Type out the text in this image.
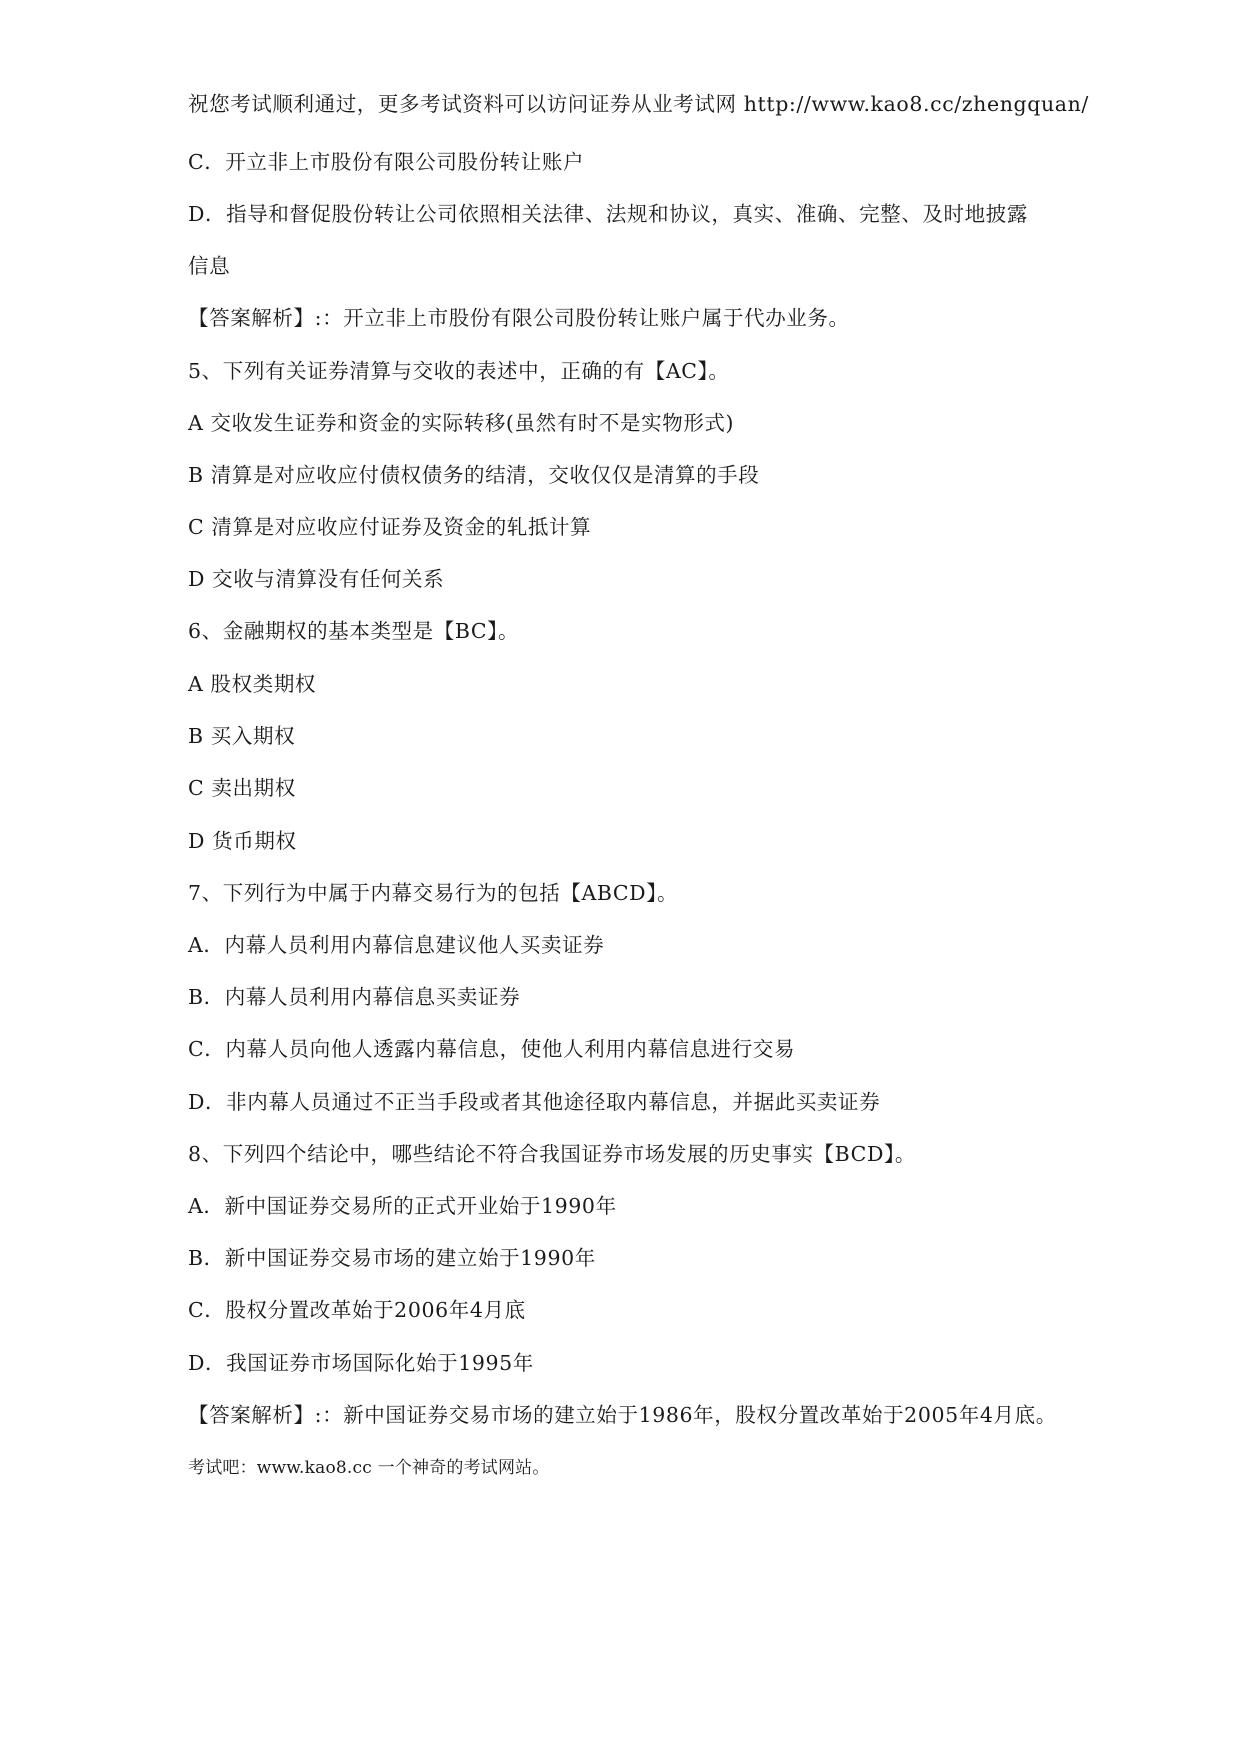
祝您考试顺利通过，更多考试资料可以访问证券从业考试网 http://www.kao8.cc/zhengquan/
C．开立非上市股份有限公司股份转让账户
D．指导和督促股份转让公司依照相关法律、法规和协议，真实、准确、完整、及时地披露
信息
【答案解析】:：开立非上市股份有限公司股份转让账户属于代办业务。
5、下列有关证券清算与交收的表述中，正确的有【AC】。
A 交收发生证券和资金的实际转移(虽然有时不是实物形式)
B 清算是对应收应付债权债务的结清，交收仅仅是清算的手段
C 清算是对应收应付证券及资金的轧抵计算
D 交收与清算没有任何关系
6、金融期权的基本类型是【BC】。
A 股权类期权
B 买入期权
C 卖出期权
D 货币期权
7、下列行为中属于内幕交易行为的包括【ABCD】。
A．内幕人员利用内幕信息建议他人买卖证券
B．内幕人员利用内幕信息买卖证券
C．内幕人员向他人透露内幕信息，使他人利用内幕信息进行交易
D．非内幕人员通过不正当手段或者其他途径取内幕信息，并据此买卖证券
8、下列四个结论中，哪些结论不符合我国证券市场发展的历史事实【BCD】。
A．新中国证券交易所的正式开业始于1990年
B．新中国证券交易市场的建立始于1990年
C．股权分置改革始于2006年4月底
D．我国证券市场国际化始于1995年
【答案解析】:：新中国证券交易市场的建立始于1986年，股权分置改革始于2005年4月底。
考试吧：www.kao8.cc 一个神奇的考试网站。
